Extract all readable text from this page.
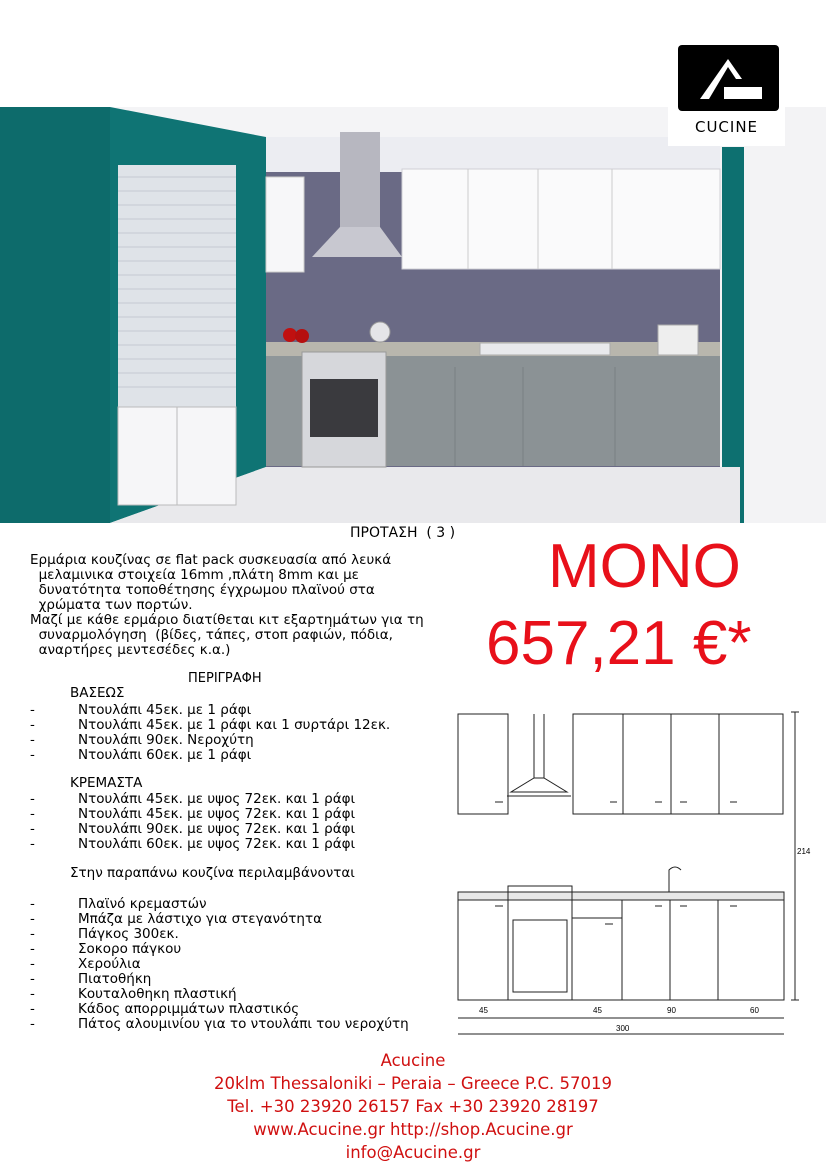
CUCINE
ΠΡΟΤΑΣΗ  ( 3 )
Ερμάρια κουζίνας σε flat pack συσκευασία από λευκά
μελαμινικα στοιχεία 16mm ,πλάτη 8mm και με
δυνατότητα τοποθέτησης έγχρωμου πλαϊνού στα
χρώματα των πορτών.
Μαζί με κάθε ερμάριο διατίθεται κιτ εξαρτημάτων για τη
συναρμολόγηση  (βίδες, τάπες, στοπ ραφιών, πόδια,
αναρτήρες μεντεσέδες κ.α.)
ΜΟΝΟ
657,21 €*
ΠΕΡΙΓΡΑΦΗ
ΒΑΣΕΩΣ
-	Ντουλάπι 45εκ. με 1 ράφι
-	Ντουλάπι 45εκ. με 1 ράφι και 1 συρτάρι 12εκ.
-	Ντουλάπι 90εκ. Νεροχύτη
-	Ντουλάπι 60εκ. με 1 ράφι
ΚΡΕΜΑΣΤΑ
-	Ντουλάπι 45εκ. με υψος 72εκ. και 1 ράφι
-	Ντουλάπι 45εκ. με υψος 72εκ. και 1 ράφι
-	Ντουλάπι 90εκ. με υψος 72εκ. και 1 ράφι
-	Ντουλάπι 60εκ. με υψος 72εκ. και 1 ράφι
Στην παραπάνω κουζίνα περιλαμβάνονται
-	Πλαϊνό κρεμαστών
-	Μπάζα με λάστιχο για στεγανότητα
-	Πάγκος 300εκ.
-	Σοκορο πάγκου
-	Χερούλια
-	Πιατοθήκη
-	Κουταλοθηκη πλαστική
-	Κάδος απορριμμάτων πλαστικός
-	Πάτος αλουμινίου για το ντουλάπι του νεροχύτη
214
45	45	90	60
300
Acucine
20klm Thessaloniki – Peraia – Greece P.C. 57019
Tel. +30 23920 26157 Fax +30 23920 28197
www.Acucine.gr http://shop.Acucine.gr
info@Acucine.gr
